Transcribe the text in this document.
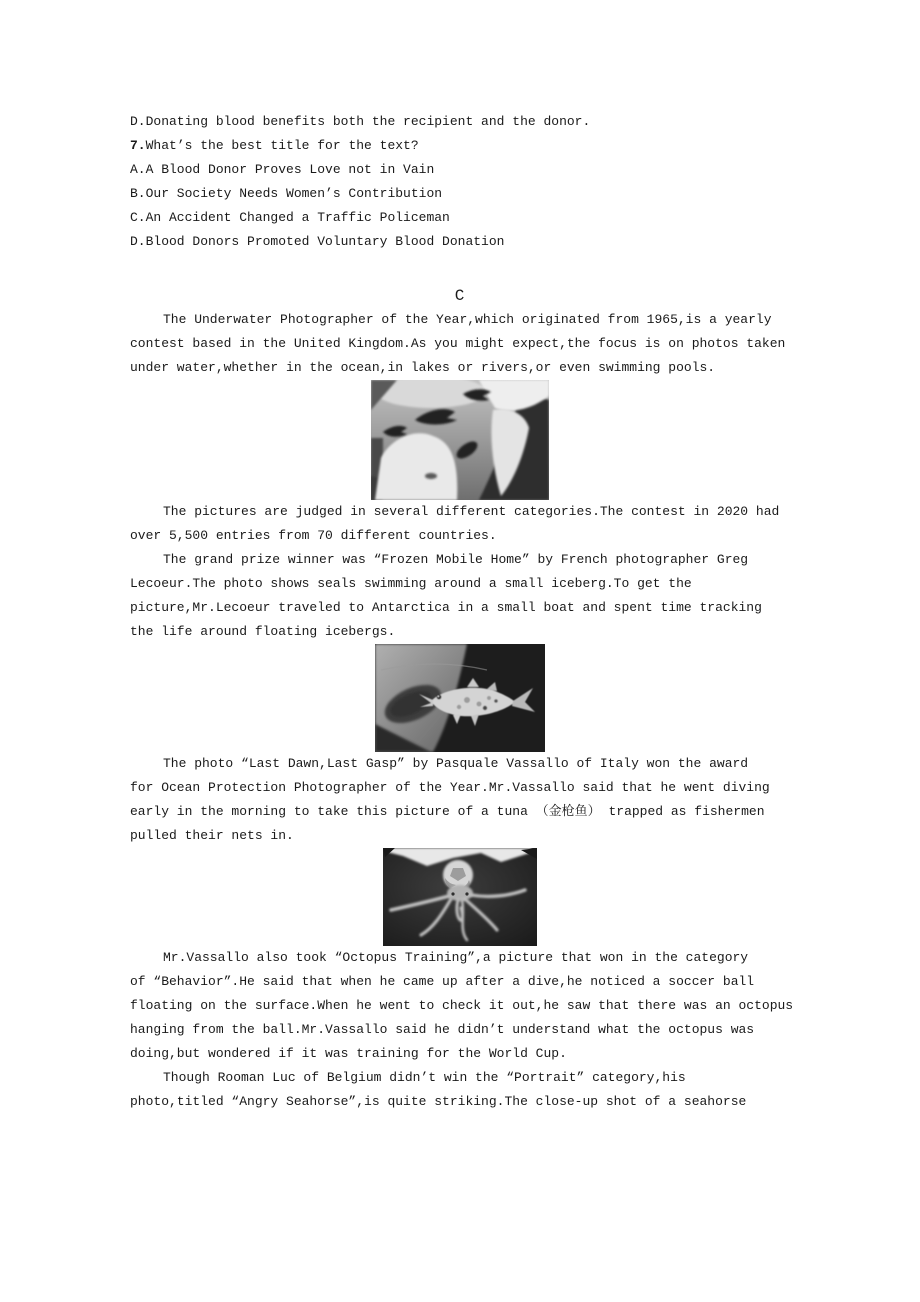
D.Donating blood benefits both the recipient and the donor.
7.What’s the best title for the text?
A.A Blood Donor Proves Love not in Vain
B.Our Society Needs Women’s Contribution
C.An Accident Changed a Traffic Policeman
D.Blood Donors Promoted Voluntary Blood Donation
C
The Underwater Photographer of the Year,which originated from 1965,is a yearly
contest based in the United Kingdom.As you might expect,the focus is on photos taken
under water,whether in the ocean,in lakes or rivers,or even swimming pools.
The pictures are judged in several different categories.The contest in 2020 had
over 5,500 entries from 70 different countries.
The grand prize winner was “Frozen Mobile Home” by French photographer Greg
Lecoeur.The photo shows seals swimming around a small iceberg.To get the
picture,Mr.Lecoeur traveled to Antarctica in a small boat and spent time tracking
the life around floating icebergs.
The photo “Last Dawn,Last Gasp” by Pasquale Vassallo of Italy won the award
for Ocean Protection Photographer of the Year.Mr.Vassallo said that he went diving
early in the morning to take this picture of a tuna （金枪鱼） trapped as fishermen
pulled their nets in.
Mr.Vassallo also took “Octopus Training”,a picture that won in the category
of “Behavior”.He said that when he came up after a dive,he noticed a soccer ball
floating on the surface.When he went to check it out,he saw that there was an octopus
hanging from the ball.Mr.Vassallo said he didn’t understand what the octopus was
doing,but wondered if it was training for the World Cup.
Though Rooman Luc of Belgium didn’t win the “Portrait” category,his
photo,titled “Angry Seahorse”,is quite striking.The close-up shot of a seahorse
